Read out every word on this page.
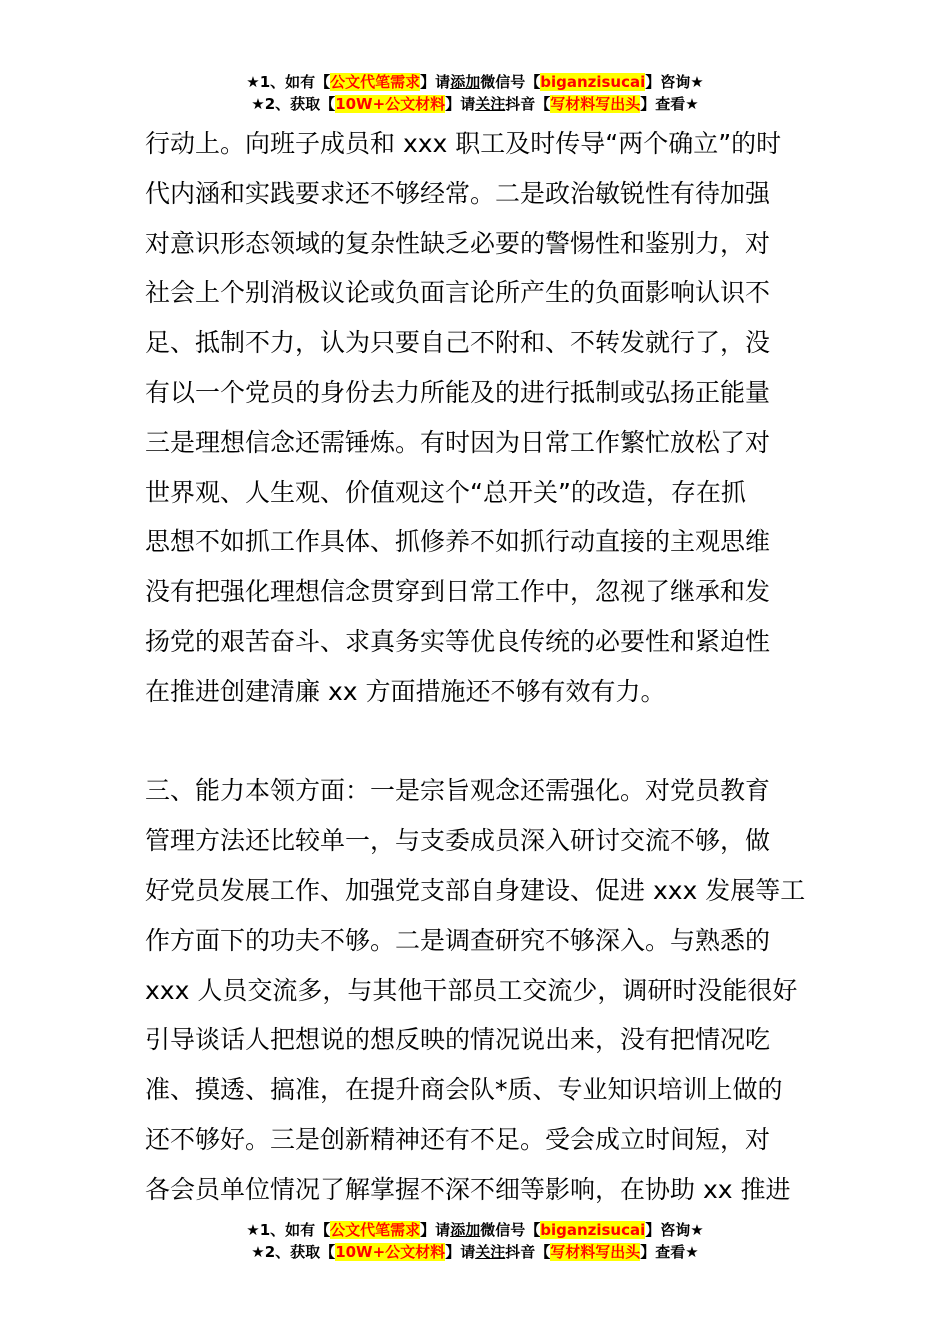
★1、如有【公文代笔需求】请添加微信号【biganzisucai】咨询★
★2、获取【10W+公文材料】请关注抖音【写材料写出头】查看★
行动上。向班子成员和 xxx 职工及时传导“两个确立”的时
代内涵和实践要求还不够经常。二是政治敏锐性有待加强
对意识形态领域的复杂性缺乏必要的警惕性和鉴别力，对
社会上个别消极议论或负面言论所产生的负面影响认识不
足、抵制不力，认为只要自己不附和、不转发就行了，没
有以一个党员的身份去力所能及的进行抵制或弘扬正能量
三是理想信念还需锤炼。有时因为日常工作繁忙放松了对
世界观、人生观、价值观这个“总开关”的改造，存在抓
思想不如抓工作具体、抓修养不如抓行动直接的主观思维
没有把强化理想信念贯穿到日常工作中，忽视了继承和发
扬党的艰苦奋斗、求真务实等优良传统的必要性和紧迫性
在推进创建清廉 xx 方面措施还不够有效有力。
三、能力本领方面：一是宗旨观念还需强化。对党员教育
管理方法还比较单一，与支委成员深入研讨交流不够，做
好党员发展工作、加强党支部自身建设、促进 xxx 发展等工
作方面下的功夫不够。二是调查研究不够深入。与熟悉的
xxx 人员交流多，与其他干部员工交流少，调研时没能很好
引导谈话人把想说的想反映的情况说出来，没有把情况吃
准、摸透、搞准，在提升商会队*质、专业知识培训上做的
还不够好。三是创新精神还有不足。受会成立时间短，对
各会员单位情况了解掌握不深不细等影响，在协助 xx 推进
★1、如有【公文代笔需求】请添加微信号【biganzisucai】咨询★
★2、获取【10W+公文材料】请关注抖音【写材料写出头】查看★
